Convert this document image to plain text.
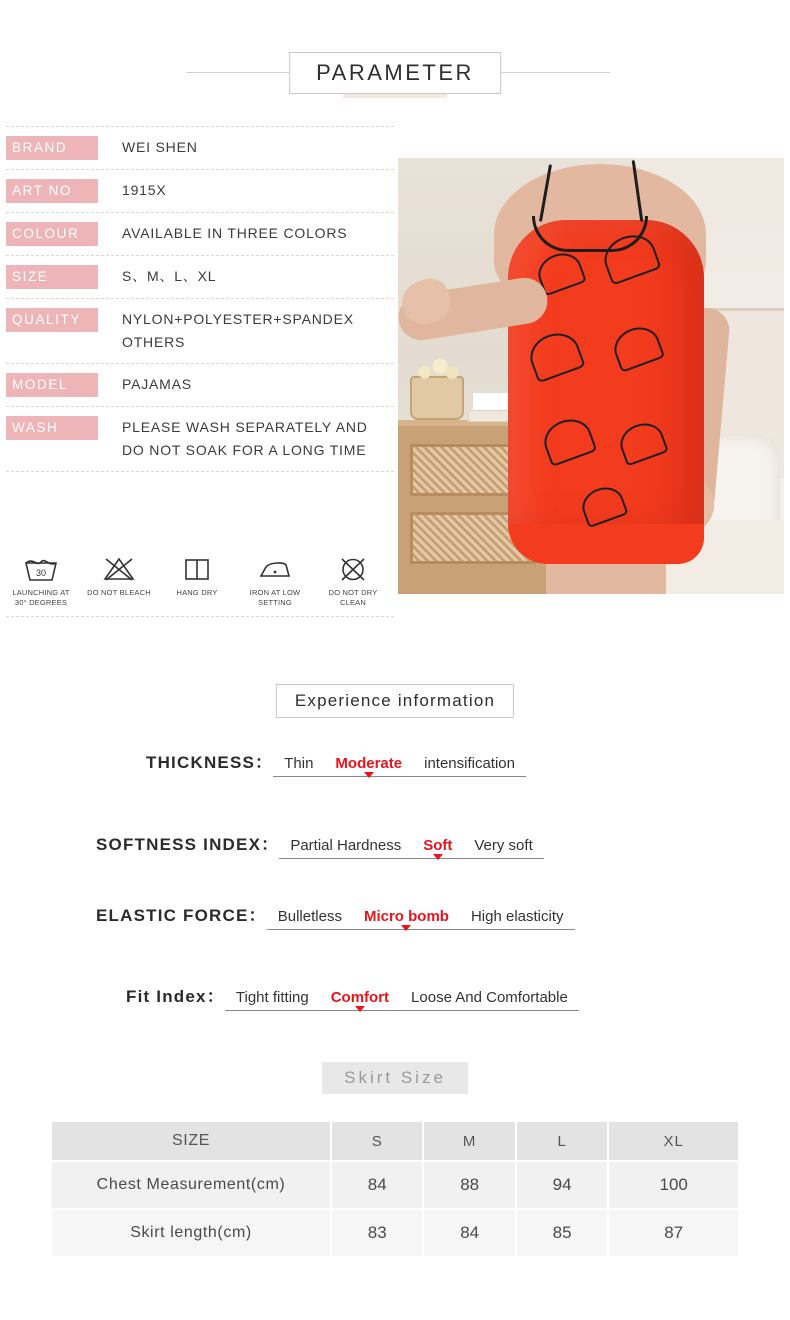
PARAMETER
BRAND	WEI SHEN
ART NO	1915X
COLOUR	AVAILABLE IN THREE COLORS
SIZE	S、M、L、XL
QUALITY	NYLON+POLYESTER+SPANDEX OTHERS
MODEL	PAJAMAS
WASH	PLEASE WASH SEPARATELY AND DO NOT SOAK FOR A LONG TIME
30
LAUNCHING AT 30° DEGREES
DO NOT BLEACH	HANG DRY	IRON AT LOW SETTING
DO NOT DRY CLEAN
Experience information
THICKNESS： Thin	Moderate	intensification
SOFTNESS INDEX： Partial Hardness	Soft	Very soft
ELASTIC FORCE： Bulletless	Micro bomb	High elasticity
Fit Index： Tight fitting	Comfort	Loose And Comfortable
Skirt Size
SIZE	S	M	L	XL
Chest Measurement(cm)	84	88	94	100
Skirt length(cm)	83	84	85	87
